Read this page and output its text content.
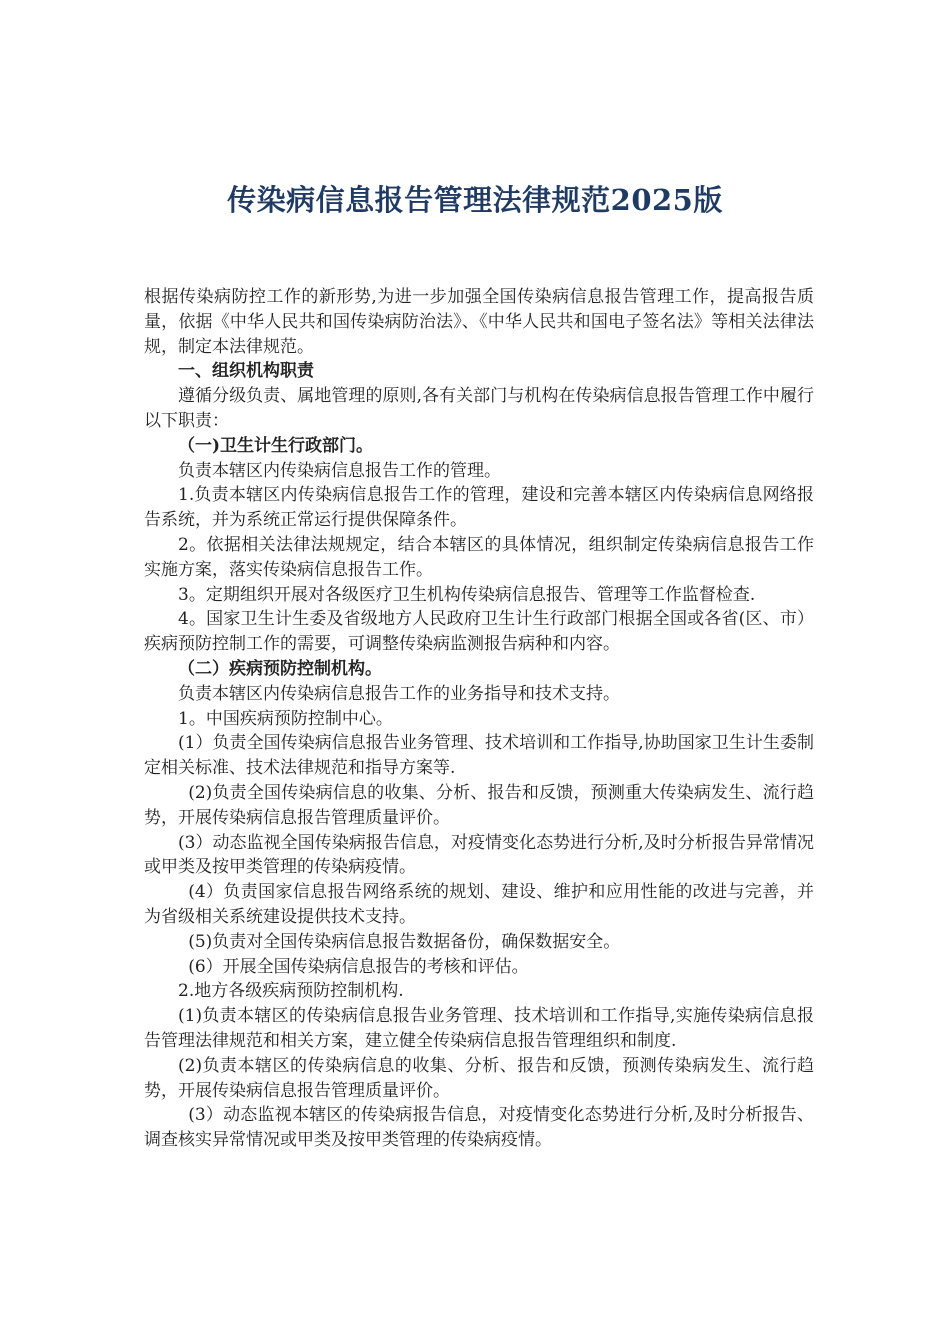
传染病信息报告管理法律规范2025版

根据传染病防控工作的新形势,为进一步加强全国传染病信息报告管理工作，提高报告质量，依据《中华人民共和国传染病防治法》、《中华人民共和国电子签名法》等相关法律法规，制定本法律规范。

一、组织机构职责

遵循分级负责、属地管理的原则,各有关部门与机构在传染病信息报告管理工作中履行以下职责：

（一)卫生计生行政部门。

负责本辖区内传染病信息报告工作的管理。

1.负责本辖区内传染病信息报告工作的管理，建设和完善本辖区内传染病信息网络报告系统，并为系统正常运行提供保障条件。

2。依据相关法律法规规定，结合本辖区的具体情况，组织制定传染病信息报告工作实施方案，落实传染病信息报告工作。

3。定期组织开展对各级医疗卫生机构传染病信息报告、管理等工作监督检查.

4。国家卫生计生委及省级地方人民政府卫生计生行政部门根据全国或各省(区、市）疾病预防控制工作的需要，可调整传染病监测报告病种和内容。

（二）疾病预防控制机构。

负责本辖区内传染病信息报告工作的业务指导和技术支持。

1。中国疾病预防控制中心。

(1）负责全国传染病信息报告业务管理、技术培训和工作指导,协助国家卫生计生委制定相关标准、技术法律规范和指导方案等.

(2)负责全国传染病信息的收集、分析、报告和反馈，预测重大传染病发生、流行趋势，开展传染病信息报告管理质量评价。

(3）动态监视全国传染病报告信息，对疫情变化态势进行分析,及时分析报告异常情况或甲类及按甲类管理的传染病疫情。

(4）负责国家信息报告网络系统的规划、建设、维护和应用性能的改进与完善，并为省级相关系统建设提供技术支持。

(5)负责对全国传染病信息报告数据备份，确保数据安全。

(6）开展全国传染病信息报告的考核和评估。

2.地方各级疾病预防控制机构.

(1)负责本辖区的传染病信息报告业务管理、技术培训和工作指导,实施传染病信息报告管理法律规范和相关方案，建立健全传染病信息报告管理组织和制度.

(2)负责本辖区的传染病信息的收集、分析、报告和反馈，预测传染病发生、流行趋势，开展传染病信息报告管理质量评价。

(3）动态监视本辖区的传染病报告信息，对疫情变化态势进行分析,及时分析报告、调查核实异常情况或甲类及按甲类管理的传染病疫情。
